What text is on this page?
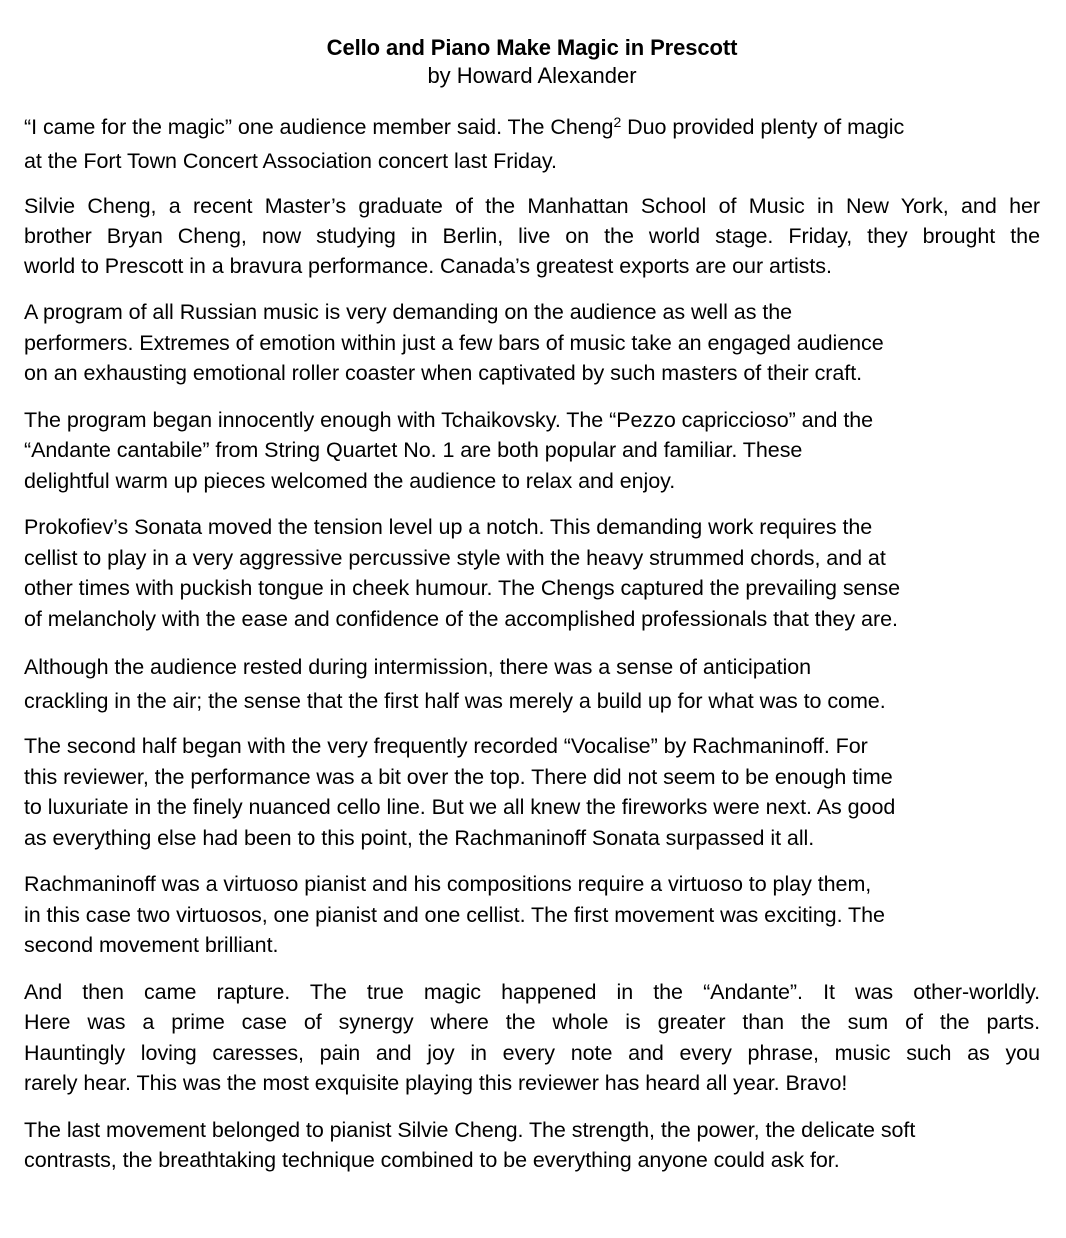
Cello and Piano Make Magic in Prescott
by Howard Alexander

“I came for the magic” one audience member said. The Cheng$^2$ Duo provided plenty of magic
at the Fort Town Concert Association concert last Friday.

Silvie Cheng, a recent Master’s graduate of the Manhattan School of Music in New York, and her
brother Bryan Cheng, now studying in Berlin, live on the world stage. Friday, they brought the
world to Prescott in a bravura performance. Canada’s greatest exports are our artists.

A program of all Russian music is very demanding on the audience as well as the
performers. Extremes of emotion within just a few bars of music take an engaged audience
on an exhausting emotional roller coaster when captivated by such masters of their craft.

The program began innocently enough with Tchaikovsky. The “Pezzo capriccioso” and the
“Andante cantabile” from String Quartet No. 1 are both popular and familiar. These
delightful warm up pieces welcomed the audience to relax and enjoy.

Prokofiev’s Sonata moved the tension level up a notch. This demanding work requires the
cellist to play in a very aggressive percussive style with the heavy strummed chords, and at
other times with puckish tongue in cheek humour. The Chengs captured the prevailing sense
of melancholy with the ease and confidence of the accomplished professionals that they are.

Although the audience rested during intermission, there was a sense of anticipation
crackling in the air; the sense that the first half was merely a build up for what was to come.

The second half began with the very frequently recorded “Vocalise” by Rachmaninoff. For
this reviewer, the performance was a bit over the top. There did not seem to be enough time
to luxuriate in the finely nuanced cello line. But we all knew the fireworks were next. As good
as everything else had been to this point, the Rachmaninoff Sonata surpassed it all.

Rachmaninoff was a virtuoso pianist and his compositions require a virtuoso to play them,
in this case two virtuosos, one pianist and one cellist. The first movement was exciting. The
second movement brilliant.

And then came rapture. The true magic happened in the “Andante”. It was other-worldly.
Here was a prime case of synergy where the whole is greater than the sum of the parts.
Hauntingly loving caresses, pain and joy in every note and every phrase, music such as you
rarely hear. This was the most exquisite playing this reviewer has heard all year. Bravo!

The last movement belonged to pianist Silvie Cheng. The strength, the power, the delicate soft
contrasts, the breathtaking technique combined to be everything anyone could ask for.
